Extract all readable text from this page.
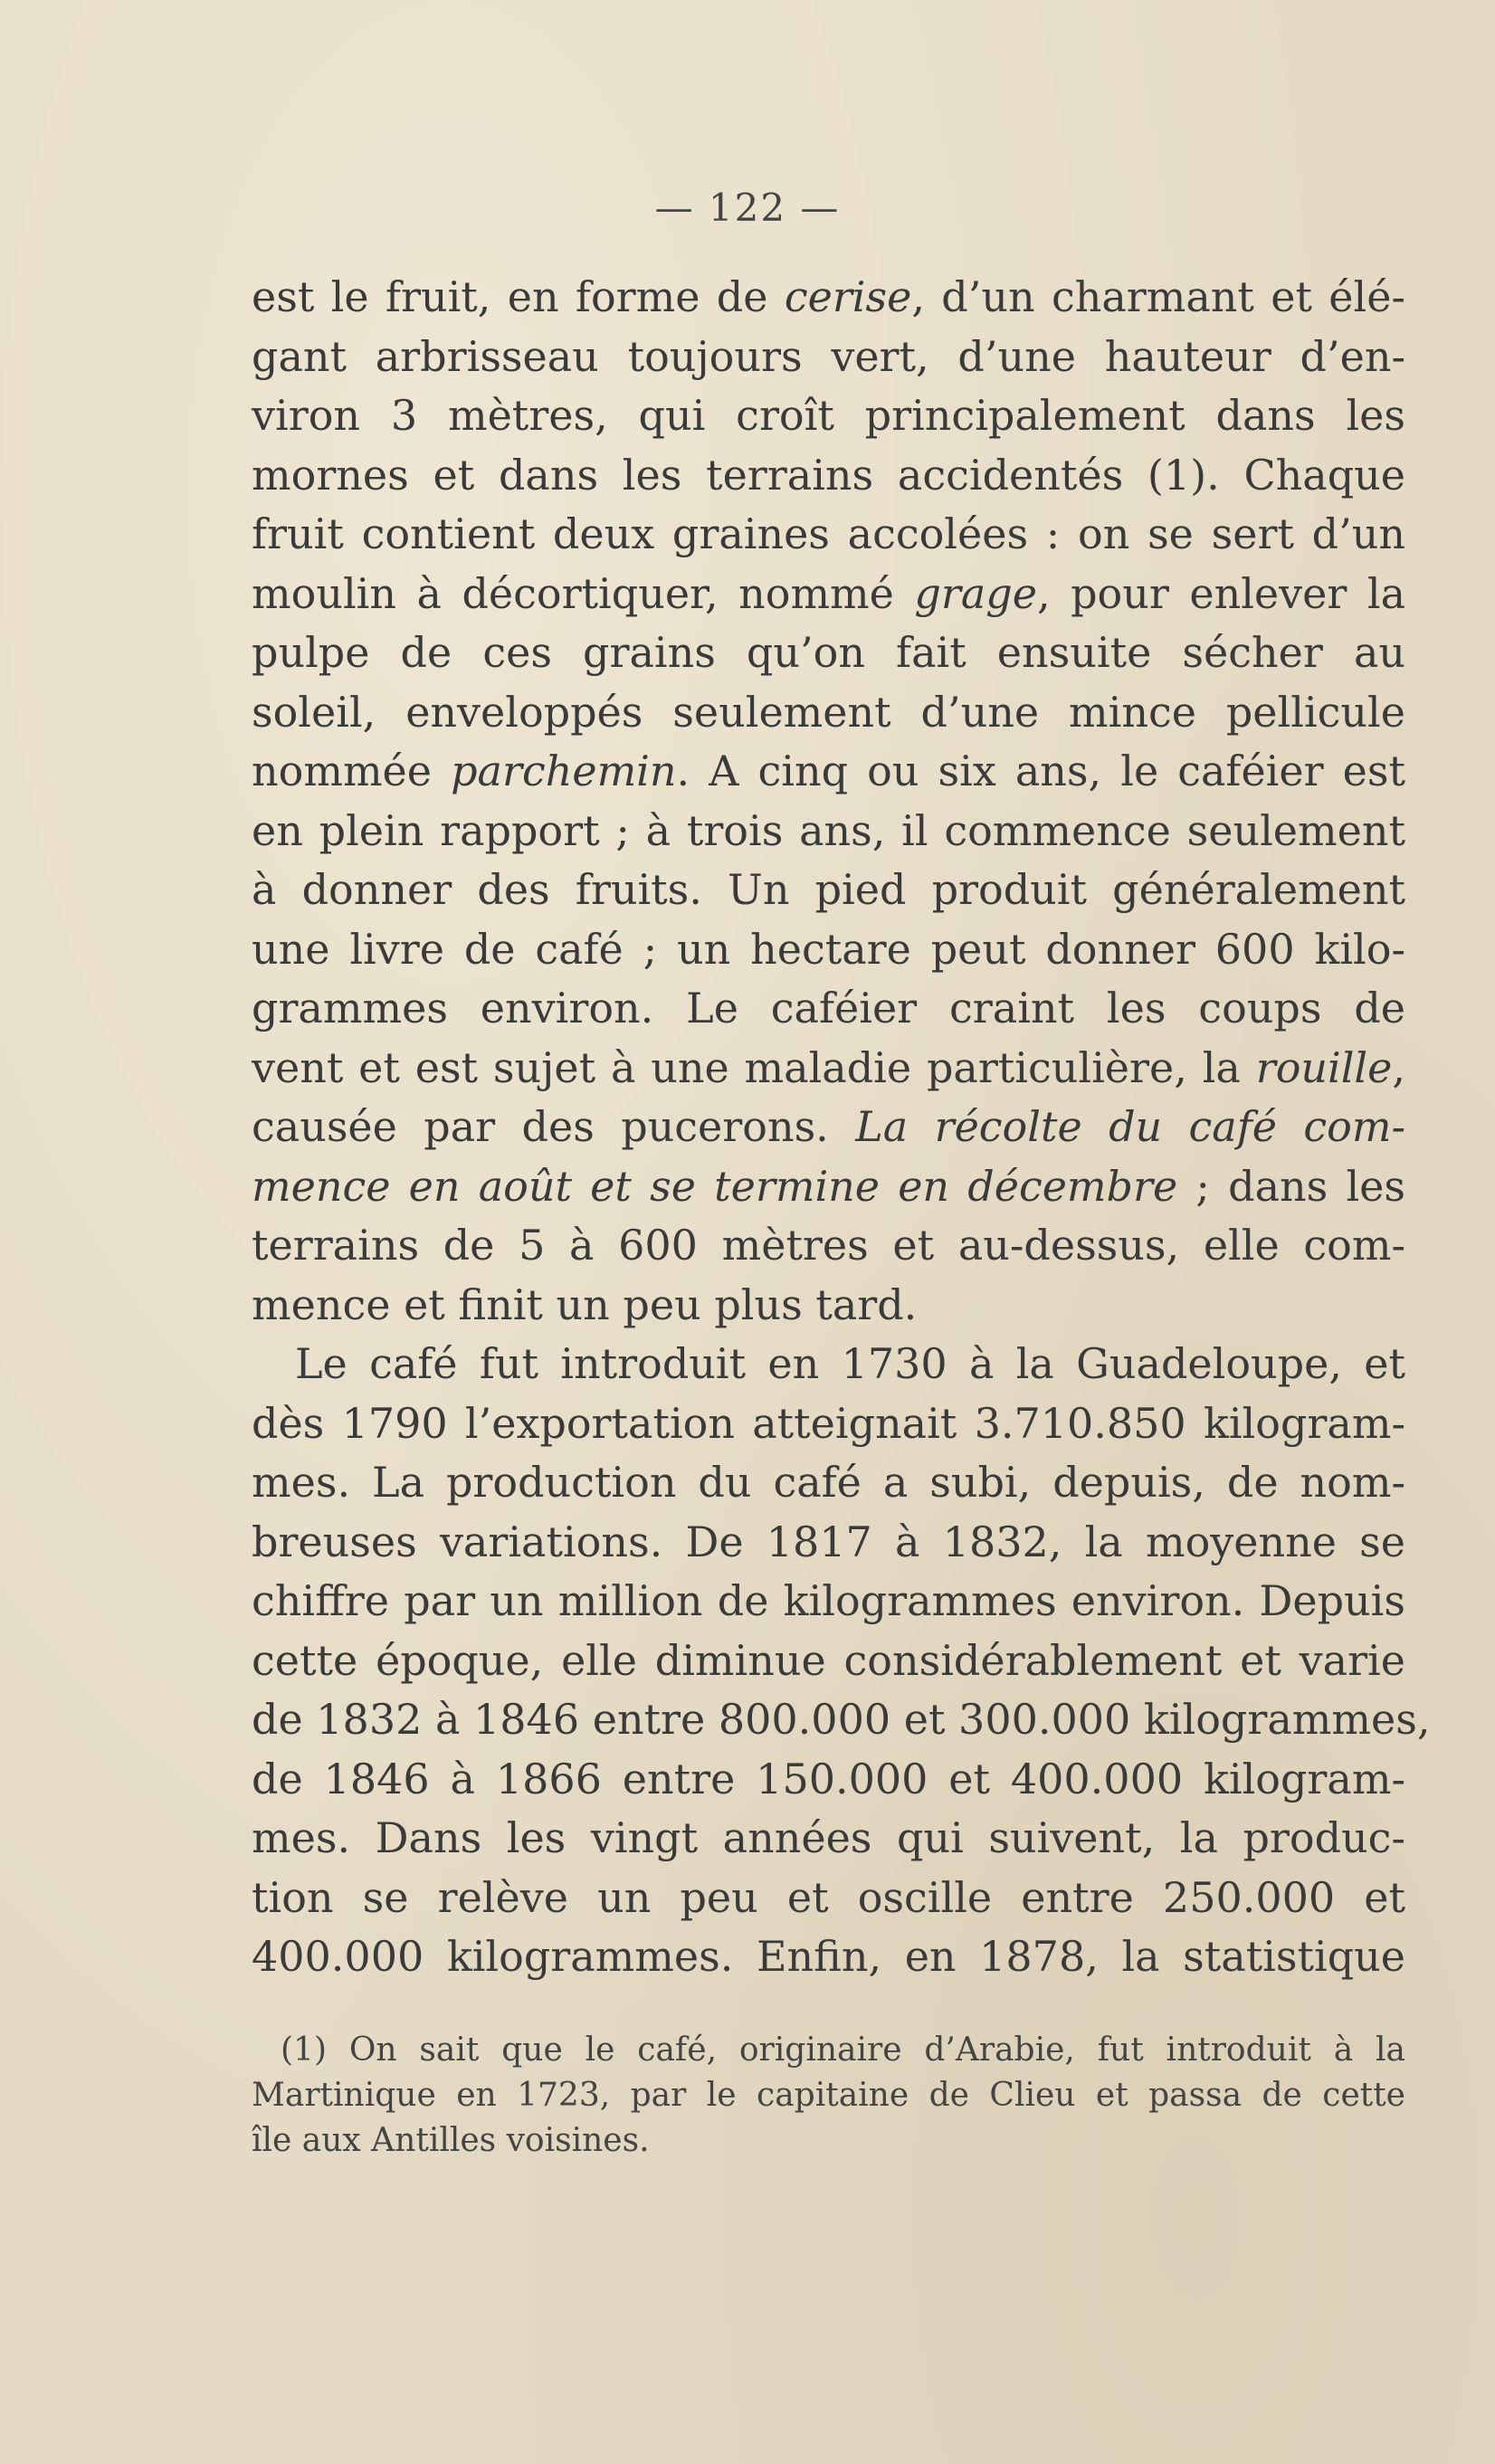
— 122 —
est le fruit, en forme de cerise, d’un charmant et élé-
gant arbrisseau toujours vert, d’une hauteur d’en-
viron 3 mètres, qui croît principalement dans les
mornes et dans les terrains accidentés (1). Chaque
fruit contient deux graines accolées : on se sert d’un
moulin à décortiquer, nommé grage, pour enlever la
pulpe de ces grains qu’on fait ensuite sécher au
soleil, enveloppés seulement d’une mince pellicule
nommée parchemin. A cinq ou six ans, le caféier est
en plein rapport ; à trois ans, il commence seulement
à donner des fruits. Un pied produit généralement
une livre de café ; un hectare peut donner 600 kilo-
grammes environ. Le caféier craint les coups de
vent et est sujet à une maladie particulière, la rouille,
causée par des pucerons. La récolte du café com-
mence en août et se termine en décembre ; dans les
terrains de 5 à 600 mètres et au-dessus, elle com-
mence et finit un peu plus tard.
Le café fut introduit en 1730 à la Guadeloupe, et
dès 1790 l’exportation atteignait 3.710.850 kilogram-
mes. La production du café a subi, depuis, de nom-
breuses variations. De 1817 à 1832, la moyenne se
chiffre par un million de kilogrammes environ. Depuis
cette époque, elle diminue considérablement et varie
de 1832 à 1846 entre 800.000 et 300.000 kilogrammes,
de 1846 à 1866 entre 150.000 et 400.000 kilogram-
mes. Dans les vingt années qui suivent, la produc-
tion se relève un peu et oscille entre 250.000 et
400.000 kilogrammes. Enfin, en 1878, la statistique
(1) On sait que le café, originaire d’Arabie, fut introduit à la
Martinique en 1723, par le capitaine de Clieu et passa de cette
île aux Antilles voisines.
